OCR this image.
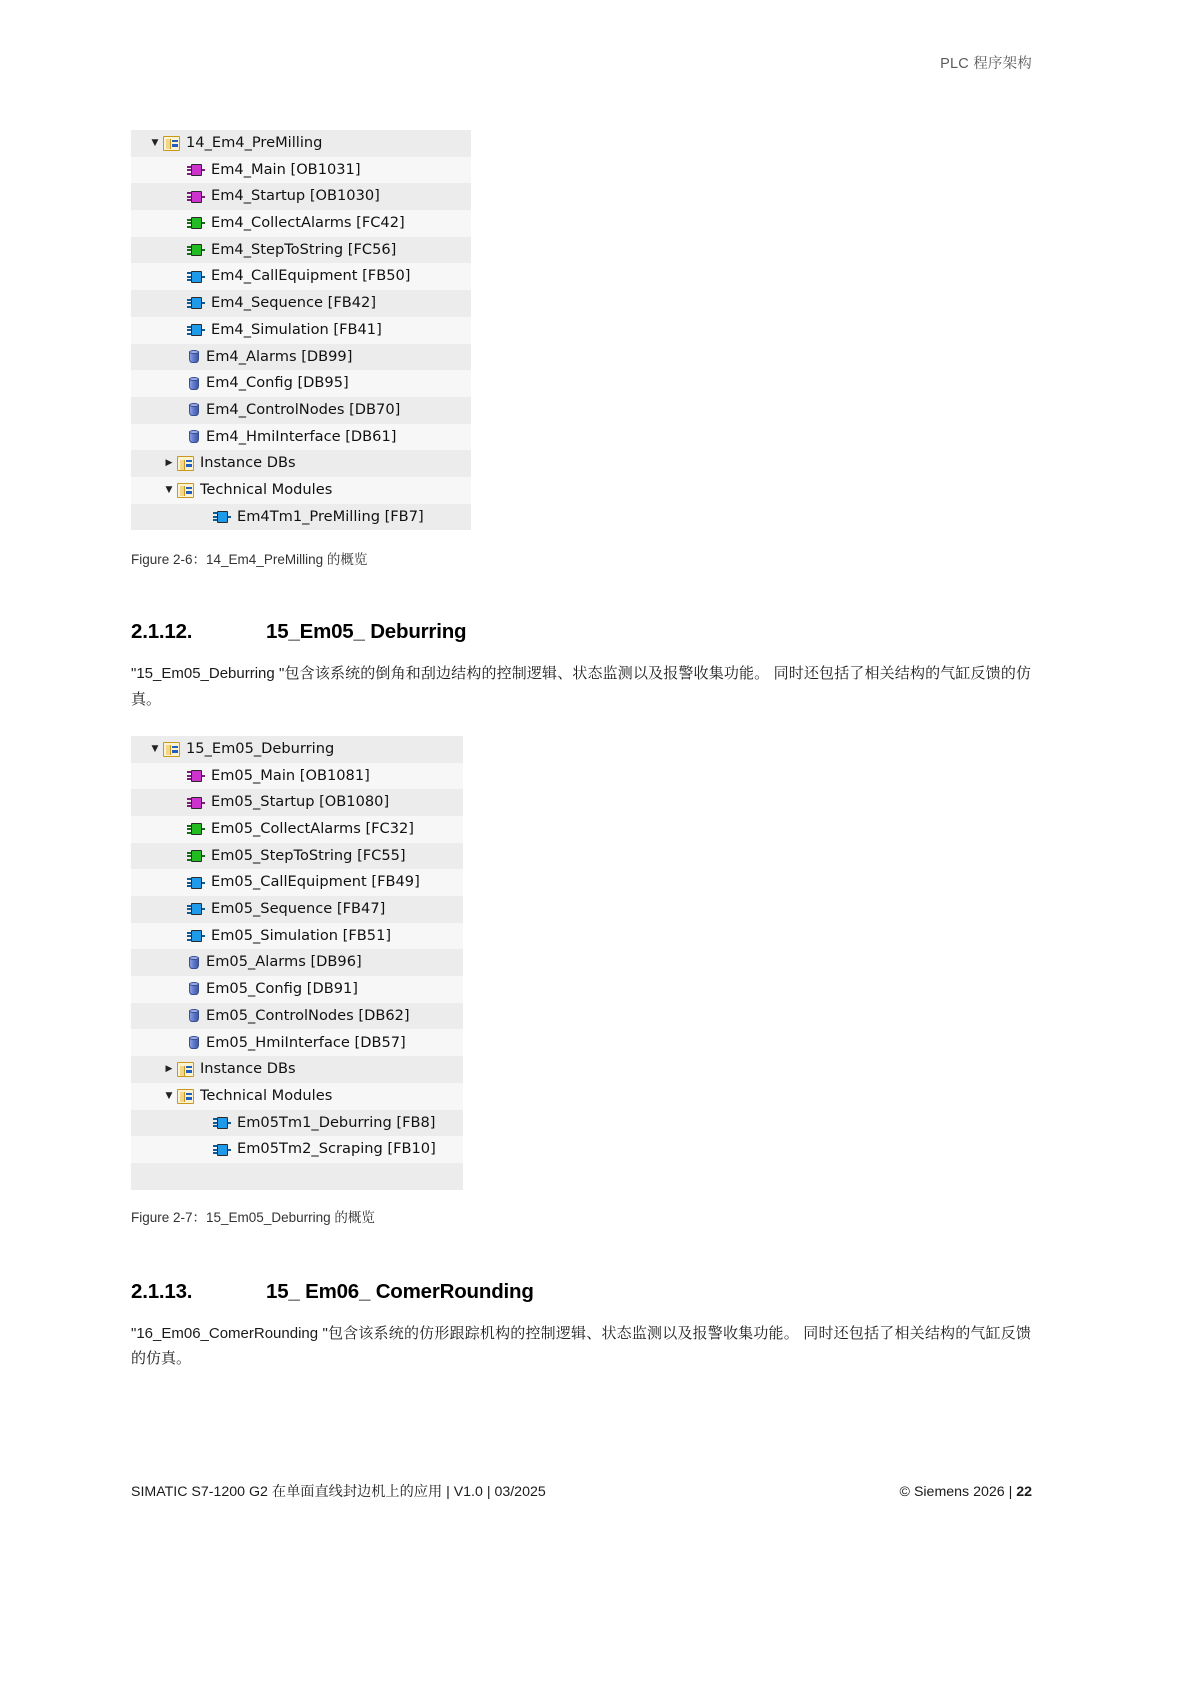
PLC 程序架构
▼	14_Em4_PreMilling
Em4_Main [OB1031]
Em4_Startup [OB1030]
Em4_CollectAlarms [FC42]
Em4_StepToString [FC56]
Em4_CallEquipment [FB50]
Em4_Sequence [FB42]
Em4_Simulation [FB41]
Em4_Alarms [DB99]
Em4_Config [DB95]
Em4_ControlNodes [DB70]
Em4_HmiInterface [DB61]
▶	Instance DBs
▼	Technical Modules
Em4Tm1_PreMilling [FB7]
Figure 2-6：14_Em4_PreMilling 的概览
2.1.12.	15_Em05_ Deburring

"15_Em05_Deburring "包含该系统的倒角和刮边结构的控制逻辑、状态监测以及报警收集功能。 同时还包括了相关结构的气缸反馈的仿真。

▼	15_Em05_Deburring
Em05_Main [OB1081]
Em05_Startup [OB1080]
Em05_CollectAlarms [FC32]
Em05_StepToString [FC55]
Em05_CallEquipment [FB49]
Em05_Sequence [FB47]
Em05_Simulation [FB51]
Em05_Alarms [DB96]
Em05_Config [DB91]
Em05_ControlNodes [DB62]
Em05_HmiInterface [DB57]
▶	Instance DBs
▼	Technical Modules
Em05Tm1_Deburring [FB8]
Em05Tm2_Scraping [FB10]
Figure 2-7：15_Em05_Deburring 的概览
2.1.13.	15_ Em06_ ComerRounding

"16_Em06_ComerRounding "包含该系统的仿形跟踪机构的控制逻辑、状态监测以及报警收集功能。 同时还包括了相关结构的气缸反馈的仿真。

SIMATIC S7-1200 G2 在单面直线封边机上的应用 | V1.0 | 03/2025	© Siemens 2026 | 22
